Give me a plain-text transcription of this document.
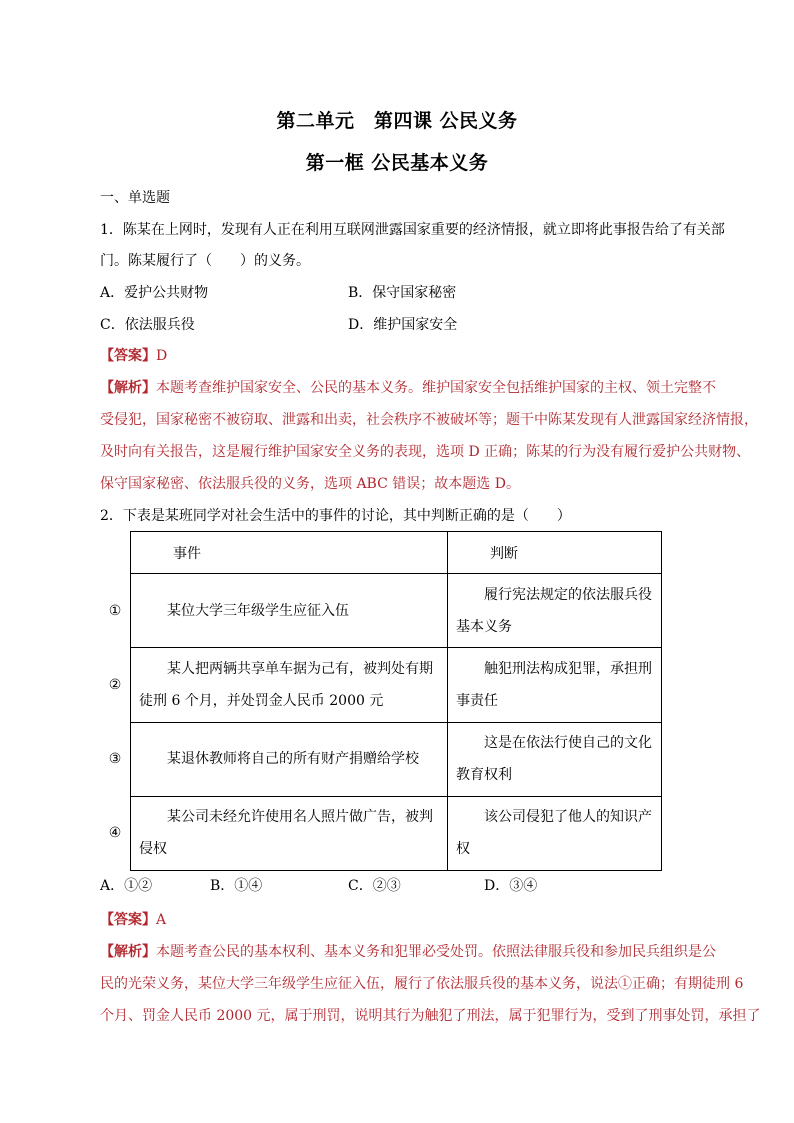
第二单元　第四课 公民义务
第一框 公民基本义务
一、单选题
1．陈某在上网时，发现有人正在利用互联网泄露国家重要的经济情报，就立即将此事报告给了有关部
门。陈某履行了（　　）的义务。
A．爱护公共财物	B．保守国家秘密
C．依法服兵役	D．维护国家安全
【答案】D
【解析】本题考查维护国家安全、公民的基本义务。维护国家安全包括维护国家的主权、领土完整不
受侵犯，国家秘密不被窃取、泄露和出卖，社会秩序不被破坏等；题干中陈某发现有人泄露国家经济情报，
及时向有关报告，这是履行维护国家安全义务的表现，选项 D 正确；陈某的行为没有履行爱护公共财物、
保守国家秘密、依法服兵役的义务，选项 ABC 错误；故本题选 D。
2．下表是某班同学对社会生活中的事件的讨论，其中判断正确的是（　　）
	事件	判断
①	某位大学三年级学生应征入伍	履行宪法规定的依法服兵役基本义务

②	某人把两辆共享单车据为己有，被判处有期徒刑 6 个月，并处罚金人民币 2000 元	触犯刑法构成犯罪，承担刑事责任

③	某退休教师将自己的所有财产捐赠给学校	这是在依法行使自己的文化教育权利

④	某公司未经允许使用名人照片做广告，被判侵权	该公司侵犯了他人的知识产权
A．①②	B．①④	C．②③	D．③④
【答案】A
【解析】本题考查公民的基本权利、基本义务和犯罪必受处罚。依照法律服兵役和参加民兵组织是公
民的光荣义务，某位大学三年级学生应征入伍，履行了依法服兵役的基本义务，说法①正确；有期徒刑 6
个月、罚金人民币 2000 元，属于刑罚，说明其行为触犯了刑法，属于犯罪行为，受到了刑事处罚，承担了
